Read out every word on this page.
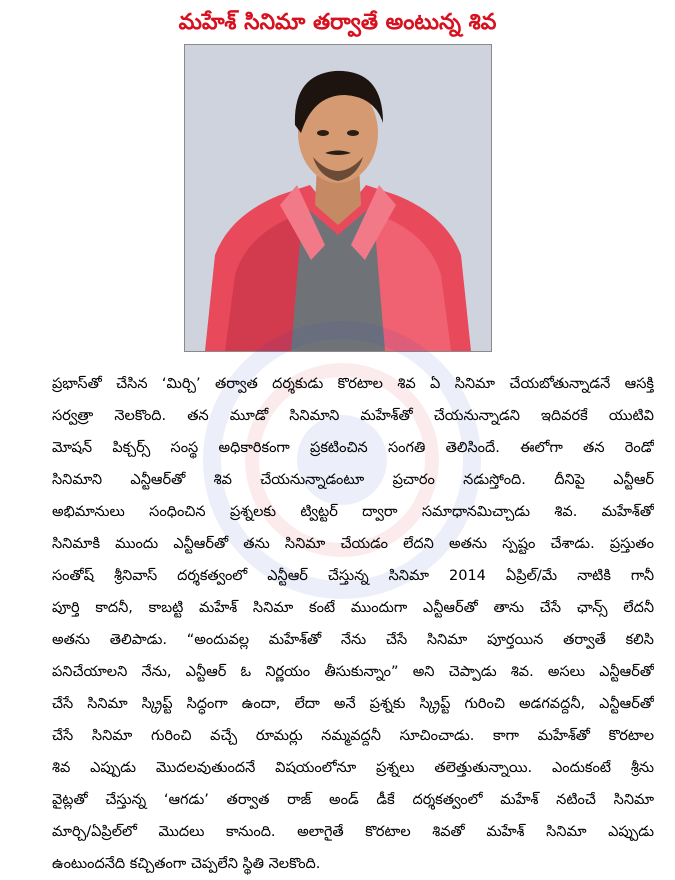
మహేశ్ సినిమా తర్వాతే అంటున్న శివ
ప్రభాస్‌తో చేసిన ‘మిర్చి’ తర్వాత దర్శకుడు కొరటాల శివ ఏ సినిమా చేయబోతున్నాడనే ఆసక్తి
సర్వత్రా నెలకొంది. తన మూడో సినిమాని మహేశ్‌తో చేయనున్నాడని ఇదివరకే యుటివి
మోషన్ పిక్చర్స్ సంస్థ అధికారికంగా ప్రకటించిన సంగతి తెలిసిందే. ఈలోగా తన రెండో
సినిమాని ఎన్టీఆర్‌తో శివ చేయనున్నాడంటూ ప్రచారం నడుస్తోంది. దీనిపై ఎన్టీఆర్
అభిమానులు సంధించిన ప్రశ్నలకు ట్విట్టర్ ద్వారా సమాధానమిచ్చాడు శివ. మహేశ్‌తో
సినిమాకి ముందు ఎన్టీఆర్‌తో తను సినిమా చేయడం లేదని అతను స్పష్టం చేశాడు. ప్రస్తుతం
సంతోష్ శ్రీనివాస్ దర్శకత్వంలో ఎన్టీఆర్ చేస్తున్న సినిమా 2014 ఏప్రిల్/మే నాటికి గానీ
పూర్తి కాదనీ, కాబట్టి మహేశ్ సినిమా కంటే ముందుగా ఎన్టీఆర్‌తో తాను చేసే ఛాన్స్ లేదనీ
అతను తెలిపాడు. “అందువల్ల మహేశ్‌తో నేను చేసే సినిమా పూర్తయిన తర్వాతే కలిసి
పనిచేయాలని నేను, ఎన్టీఆర్ ఓ నిర్ణయం తీసుకున్నాం” అని చెప్పాడు శివ. అసలు ఎన్టీఆర్‌తో
చేసే సినిమా స్క్రిప్ట్ సిద్ధంగా ఉందా, లేదా అనే ప్రశ్నకు స్క్రిప్ట్ గురించి అడగవద్దనీ, ఎన్టీఆర్‌తో
చేసే సినిమా గురించి వచ్చే రూమర్లు నమ్మవద్దనీ సూచించాడు. కాగా మహేశ్‌తో కొరటాల
శివ ఎప్పుడు మొదలవుతుందనే విషయంలోనూ ప్రశ్నలు తలెత్తుతున్నాయి. ఎందుకంటే శ్రీను
వైట్లతో చేస్తున్న ‘ఆగడు’ తర్వాత రాజ్ అండ్ డీకే దర్శకత్వంలో మహేశ్ నటించే సినిమా
మార్చి/ఏప్రిల్‌లో మొదలు కానుంది. అలాగైతే కొరటాల శివతో మహేశ్ సినిమా ఎప్పుడు
ఉంటుందనేది కచ్చితంగా చెప్పలేని స్థితి నెలకొంది.
